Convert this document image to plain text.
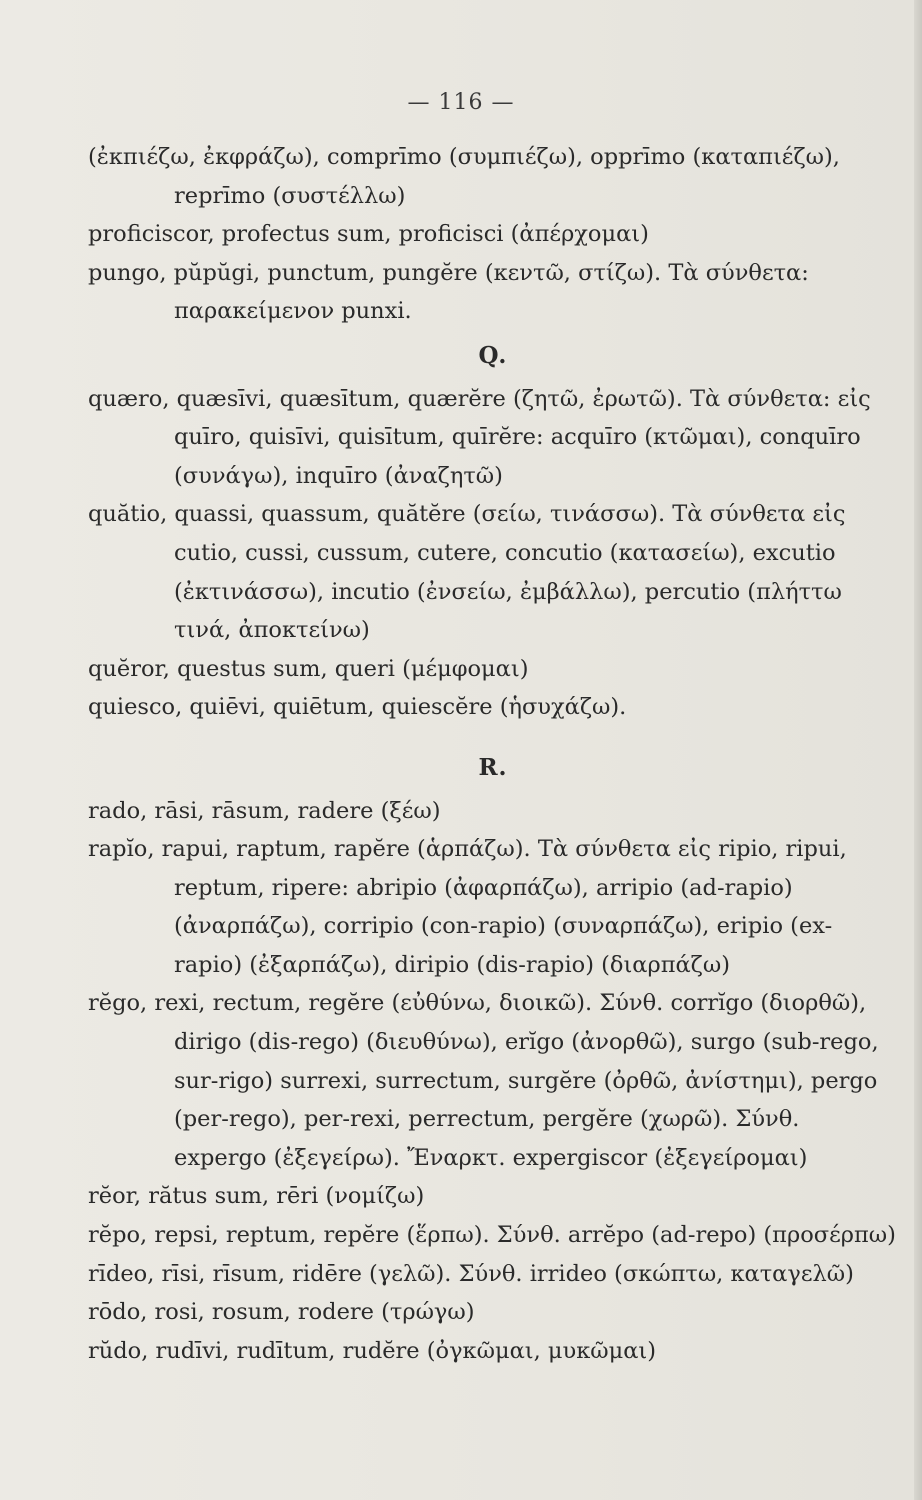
— 116 —

(ἐκπιέζω, ἐκφράζω), comprīmo (συμπιέζω), opprīmo (καταπιέζω), reprīmo (συστέλλω)

proficiscor, profectus sum, proficisci (ἀπέρχομαι)

pungo, pŭpŭgi, punctum, pungĕre (κεντῶ, στίζω). Τὰ σύνθετα: παρακείμενον punxi.

Q.

quæro, quæsīvi, quæsītum, quærĕre (ζητῶ, ἐρωτῶ). Τὰ σύνθετα: εἰς quīro, quisīvi, quisītum, quīrĕre: acquīro (κτῶμαι), conquīro (συνάγω), inquīro (ἀναζητῶ)

quătio, quassi, quassum, quătĕre (σείω, τινάσσω). Τὰ σύνθετα εἰς cutio, cussi, cussum, cutere, concutio (κατασείω), excutio (ἐκτινάσσω), incutio (ἐνσείω, ἐμβάλλω), percutio (πλήττω τινά, ἀποκτείνω)

quĕror, questus sum, queri (μέμφομαι)

quiesco, quiēvi, quiētum, quiescĕre (ἡσυχάζω).

R.

rado, rāsi, rāsum, radere (ξέω)

rapĭo, rapui, raptum, rapĕre (ἁρπάζω). Τὰ σύνθετα εἰς ripio, ripui, reptum, ripere: abripio (ἀφαρπάζω), arripio (ad-rapio) (ἀναρπάζω), corripio (con-rapio) (συναρπάζω), eripio (ex-rapio) (ἐξαρπάζω), diripio (dis-rapio) (διαρπάζω)

rĕgo, rexi, rectum, regĕre (εὐθύνω, διοικῶ). Σύνθ. corrĭgo (διορθῶ), dirigo (dis-rego) (διευθύνω), erĭgo (ἀνορθῶ), surgo (sub-rego, sur-rigo) surrexi, surrectum, surgĕre (ὀρθῶ, ἀνίστημι), pergo (per-rego), per-rexi, perrectum, pergĕre (χωρῶ). Σύνθ. expergo (ἐξεγείρω). Ἔναρκτ. expergiscor (ἐξεγείρομαι)

rĕor, rătus sum, rēri (νομίζω)

rĕpo, repsi, reptum, repĕre (ἕρπω). Σύνθ. arrĕpo (ad-repo) (προσέρπω)

rīdeo, rīsi, rīsum, ridēre (γελῶ). Σύνθ. irrideo (σκώπτω, καταγελῶ)

rōdo, rosi, rosum, rodere (τρώγω)

rŭdo, rudīvi, rudītum, rudĕre (ὀγκῶμαι, μυκῶμαι)
